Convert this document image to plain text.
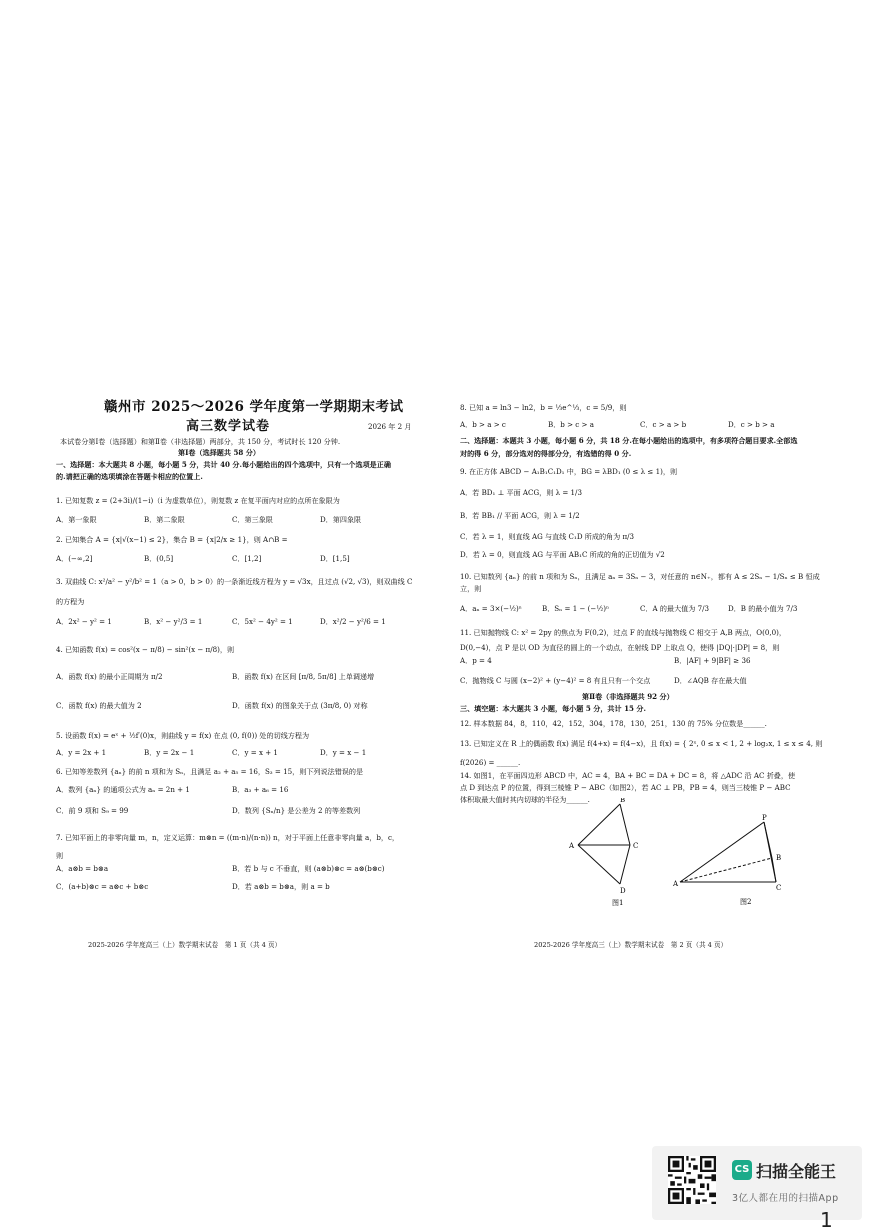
赣州市 2025～2026 学年度第一学期期末考试
高三数学试卷	2026 年 2 月
本试卷分第Ⅰ卷（选择题）和第Ⅱ卷（非选择题）两部分，共 150 分，考试时长 120 分钟.
第Ⅰ卷（选择题共 58 分）
一、选择题：本大题共 8 小题，每小题 5 分，共计 40 分.每小题给出的四个选项中，只有一个选项是正确
的.请把正确的选项填涂在答题卡相应的位置上.
1. 已知复数 z = (2+3i)/(1−i)（i 为虚数单位），则复数 z 在复平面内对应的点所在象限为
A．第一象限	B．第二象限	C．第三象限	D．第四象限
2. 已知集合 A = {x|√(x−1) ≤ 2}，集合 B = {x|2/x ≥ 1}，则 A∩B =
A．(−∞,2]	B．(0,5]	C．[1,2]	D．[1,5]
3. 双曲线 C: x²/a² − y²/b² = 1（a > 0，b > 0）的一条渐近线方程为 y = √3x，且过点 (√2, √3)，则双曲线 C
的方程为
A．2x² − y² = 1	B．x² − y²/3 = 1	C．5x² − 4y² = 1	D．x²/2 − y²/6 = 1
4. 已知函数 f(x) = cos²(x − π/8) − sin²(x − π/8)，则
A．函数 f(x) 的最小正周期为 π/2	B．函数 f(x) 在区间 [π/8, 5π/8] 上单调递增
C．函数 f(x) 的最大值为 2	D．函数 f(x) 的图象关于点 (3π/8, 0) 对称
5. 设函数 f(x) = eˣ + ½f′(0)x，则曲线 y = f(x) 在点 (0, f(0)) 处的切线方程为
A．y = 2x + 1	B．y = 2x − 1	C．y = x + 1	D．y = x − 1
6. 已知等差数列 {aₙ} 的前 n 项和为 Sₙ，且满足 a₂ + a₅ = 16，S₃ = 15，则下列说法错误的是
A．数列 {aₙ} 的通项公式为 aₙ = 2n + 1	B．a₃ + a₆ = 16
C．前 9 项和 S₉ = 99	D．数列 {Sₙ/n} 是公差为 2 的等差数列
7. 已知平面上的非零向量 m，n，定义运算：m⊗n = ((m·n)/(n·n)) n，对于平面上任意非零向量 a，b，c，
则
A．a⊗b = b⊗a	B．若 b 与 c 不垂直，则 (a⊗b)⊗c = a⊗(b⊗c)
C．(a+b)⊗c = a⊗c + b⊗c	D．若 a⊗b = b⊗a，则 a = b
2025-2026 学年度高三（上）数学期末试卷　第 1 页（共 4 页）
8. 已知 a = ln3 − ln2，b = ⅓e^⅓，c = 5/9，则
A．b > a > c	B．b > c > a	C．c > a > b	D．c > b > a
二、选择题：本题共 3 小题，每小题 6 分，共 18 分.在每小题给出的选项中，有多项符合题目要求.全部选
对的得 6 分，部分选对的得部分分，有选错的得 0 分.
9. 在正方体 ABCD − A₁B₁C₁D₁ 中，BG = λBD₁ (0 ≤ λ ≤ 1)，则
A．若 BD₁ ⊥ 平面 ACG，则 λ = 1/3
B．若 BB₁ // 平面 ACG，则 λ = 1/2
C．若 λ = 1，则直线 AG 与直线 C₁D 所成的角为 π/3
D．若 λ = 0，则直线 AG 与平面 AB₁C 所成的角的正切值为 √2
10. 已知数列 {aₙ} 的前 n 项和为 Sₙ，且满足 aₙ = 3Sₙ − 3，对任意的 n∈N₊，都有 A ≤ 2Sₙ − 1/Sₙ ≤ B 恒成
立，则
A．aₙ = 3×(−½)ⁿ	B．Sₙ = 1 − (−½)ⁿ	C．A 的最大值为 7/3	D．B 的最小值为 7/3
11. 已知抛物线 C: x² = 2py 的焦点为 F(0,2)，过点 F 的直线与抛物线 C 相交于 A,B 两点，O(0,0)，
D(0,−4)，点 P 是以 OD 为直径的圆上的一个动点，在射线 DP 上取点 Q，使得 |DQ|·|DP| = 8，则
A．p = 4	B．|AF| + 9|BF| ≥ 36
C．抛物线 C 与圆 (x−2)² + (y−4)² = 8 有且只有一个交点	D．∠AQB 存在最大值
第Ⅱ卷（非选择题共 92 分）
三、填空题：本大题共 3 小题，每小题 5 分，共计 15 分.
12. 样本数据 84，8，110，42，152，304，178，130，251，130 的 75% 分位数是______.
13. 已知定义在 R 上的偶函数 f(x) 满足 f(4+x) = f(4−x)，且 f(x) = { 2ˣ, 0 ≤ x < 1, 2 + log₂x, 1 ≤ x ≤ 4, 则
f(2026) = ______.
14. 如图1，在平面四边形 ABCD 中，AC = 4，BA + BC = DA + DC = 8，将 △ADC 沿 AC 折叠，使
点 D 到达点 P 的位置，得到三棱锥 P − ABC（如图2），若 AC ⊥ PB，PB = 4，则当三棱锥 P − ABC
体积取最大值时其内切球的半径为______.
A
B
C
D
图1
P
A
B
C
图2
2025-2026 学年度高三（上）数学期末试卷　第 2 页（共 4 页）
CS 扫描全能王
3亿人都在用的扫描App
1
